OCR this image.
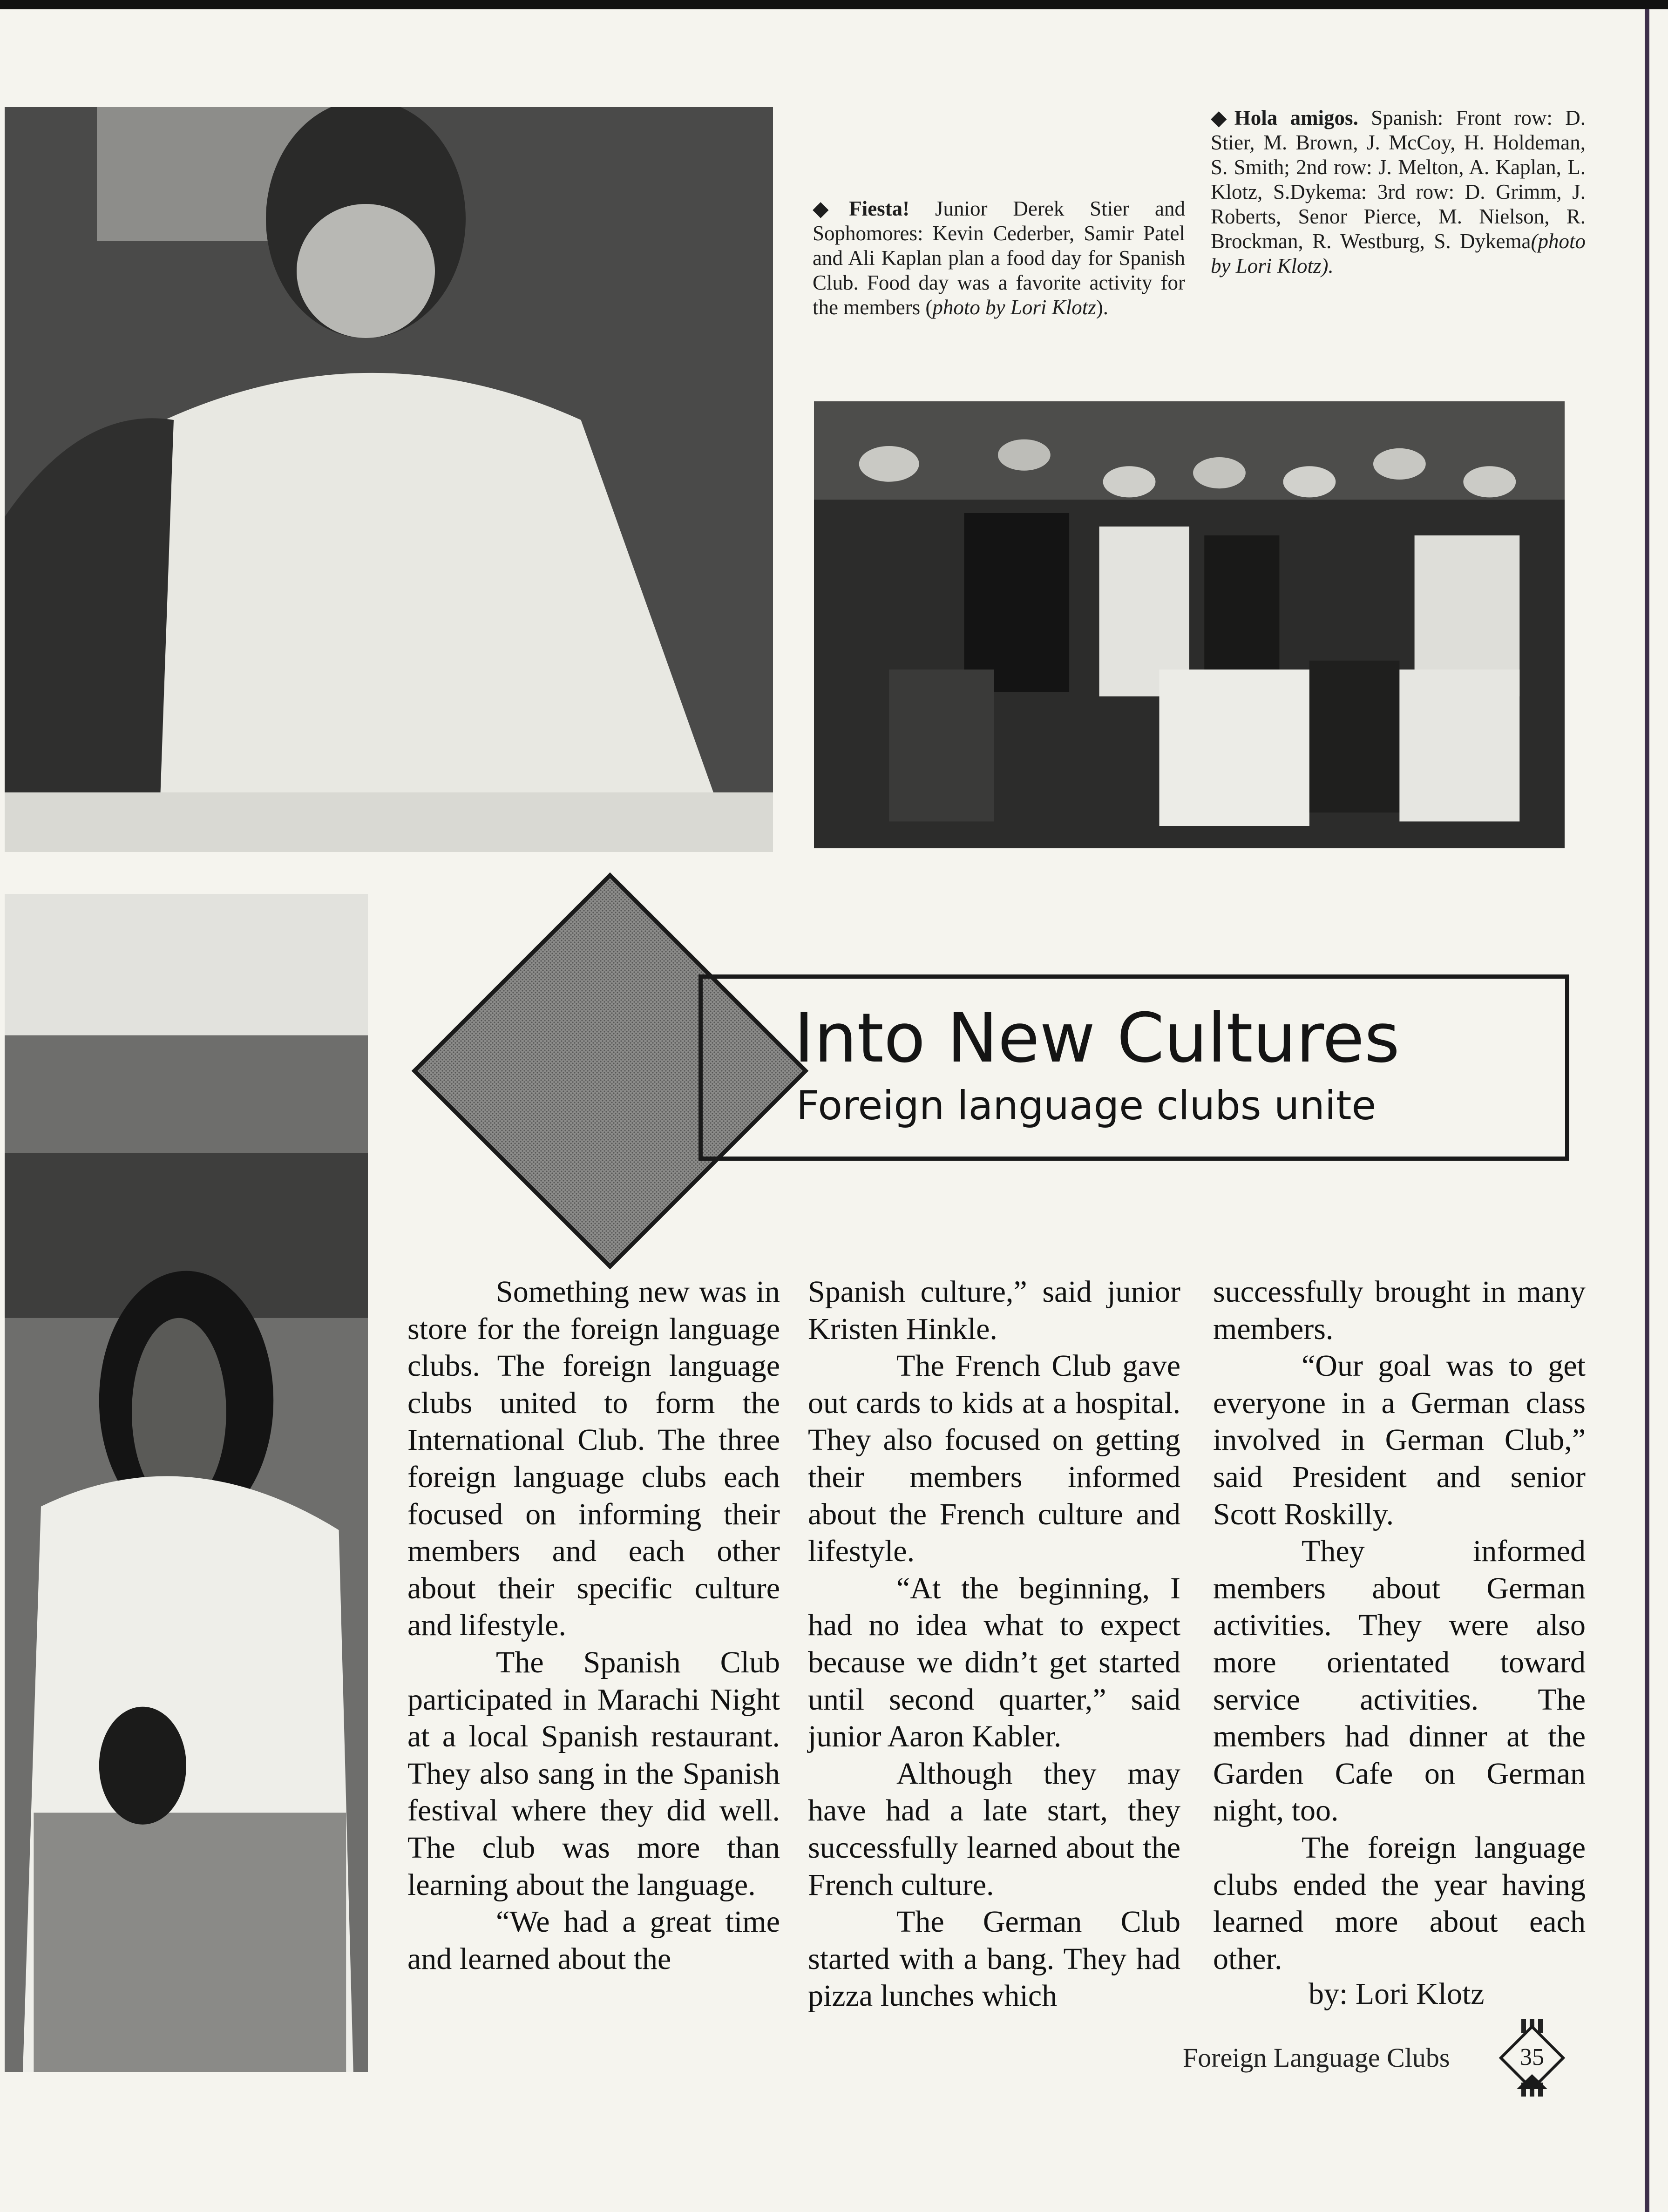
◆Fiesta! Junior Derek Stier and Sophomores: Kevin Cederber, Samir Patel and Ali Kaplan plan a food day for Spanish Club. Food day was a favorite activity for the members (photo by Lori Klotz).
◆Hola amigos. Spanish: Front row: D. Stier, M. Brown, J. McCoy, H. Holdeman, S. Smith; 2nd row: J. Melton, A. Kaplan, L. Klotz, S.Dykema: 3rd row: D. Grimm, J. Roberts, Senor Pierce, M. Nielson, R. Brockman, R. Westburg, S. Dykema(photo by Lori Klotz).
Into New Cultures
Foreign language clubs unite

Something new was in store for the foreign language clubs. The foreign language clubs united to form the International Club. The three foreign language clubs each focused on informing their members and each other about their specific culture and lifestyle.

The Spanish Club participated in Marachi Night at a local Spanish restaurant. They also sang in the Spanish festival where they did well. The club was more than learning about the language.

“We had a great time and learned about the

Spanish culture,” said junior Kristen Hinkle.

The French Club gave out cards to kids at a hospital. They also focused on getting their members informed about the French culture and lifestyle.

“At the beginning, I had no idea what to expect because we didn’t get started until second quarter,” said junior Aaron Kabler.

Although they may have had a late start, they successfully learned about the French culture.

The German Club started with a bang. They had pizza lunches which

successfully brought in many members.

“Our goal was to get everyone in a German class involved in German Club,” said President and senior Scott Roskilly.

They informed members about German activities. They were also more orientated toward service activities. The members had dinner at the Garden Cafe on German night, too.

The foreign language clubs ended the year having learned more about each other.

by: Lori Klotz
Foreign Language Clubs	35
